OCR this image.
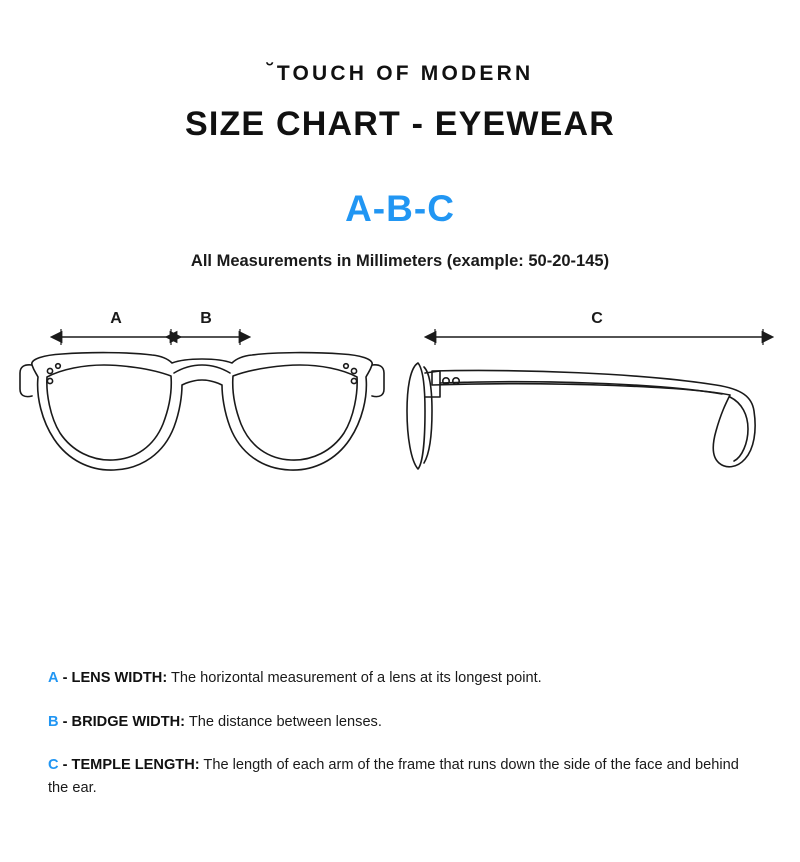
˘TOUCH OF MODERN
SIZE CHART - EYEWEAR
A-B-C
All Measurements in Millimeters (example: 50-20-145)
A	B	C
A - LENS WIDTH: The horizontal measurement of a lens at its longest point.
B - BRIDGE WIDTH: The distance between lenses.
C - TEMPLE LENGTH: The length of each arm of the frame that runs down the side of the face and behind the ear.
